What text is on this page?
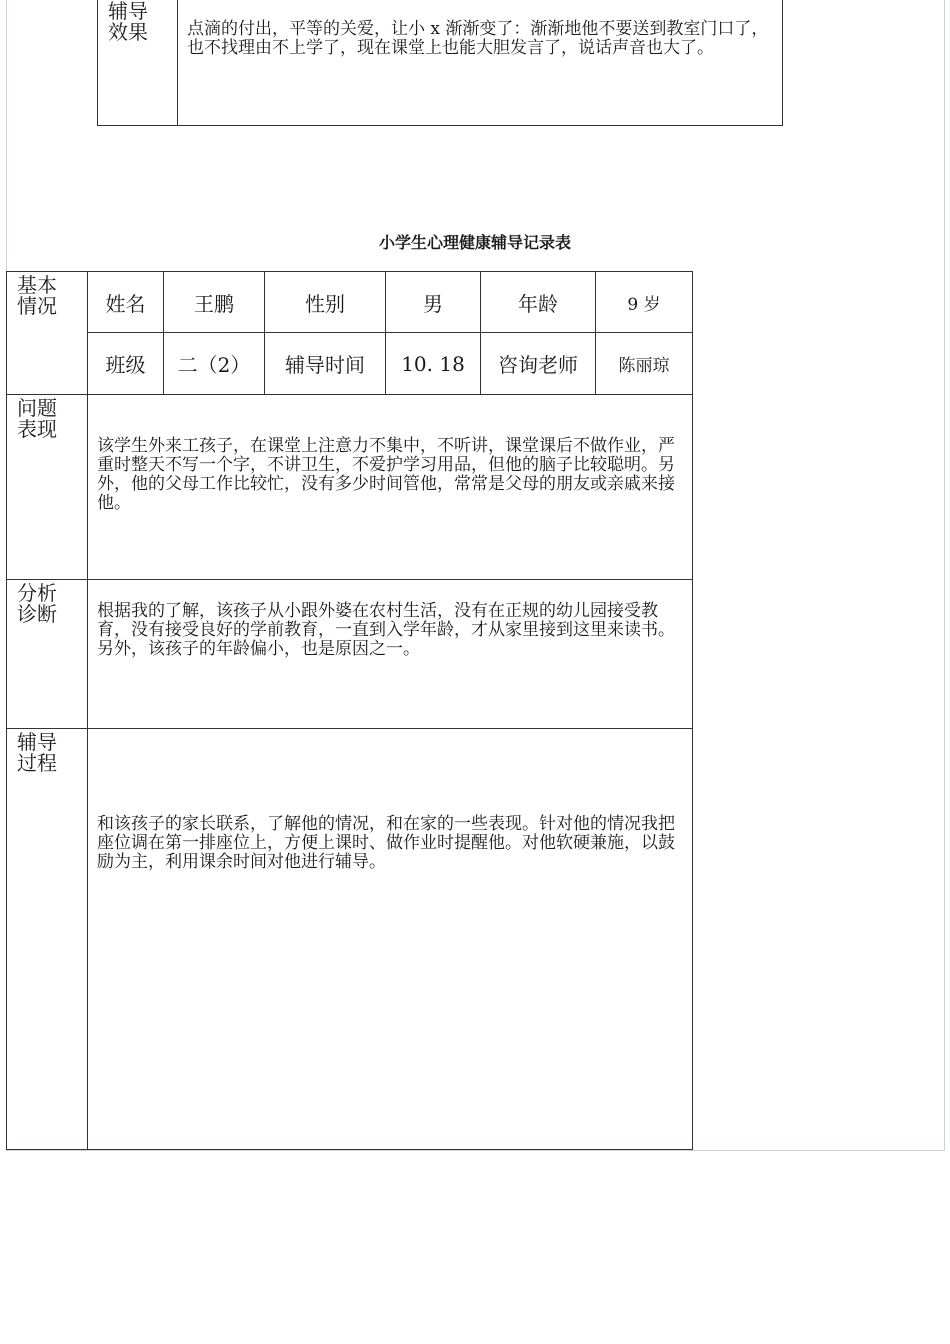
辅导
效果	点滴的付出，平等的关爱，让小 x 渐渐变了：渐渐地他不要送到教室门口了，也不找理由不上学了，现在课堂上也能大胆发言了，说话声音也大了。
小学生心理健康辅导记录表
基本
情况	姓名	王鹏	性别	男	年龄	9 岁
	班级	二（2）	辅导时间	10. 18	咨询老师	陈丽琼

问题
表现	该学生外来工孩子，在课堂上注意力不集中，不听讲，课堂课后不做作业，严重时整天不写一个字，不讲卫生，不爱护学习用品，但他的脑子比较聪明。另外，他的父母工作比较忙，没有多少时间管他，常常是父母的朋友或亲戚来接他。					

分析
诊断	根据我的了解，该孩子从小跟外婆在农村生活，没有在正规的幼儿园接受教育，没有接受良好的学前教育，一直到入学年龄，才从家里接到这里来读书。另外，该孩子的年龄偏小，也是原因之一。					

辅导
过程	和该孩子的家长联系，了解他的情况，和在家的一些表现。针对他的情况我把座位调在第一排座位上，方便上课时、做作业时提醒他。对他软硬兼施，以鼓励为主，利用课余时间对他进行辅导。					
